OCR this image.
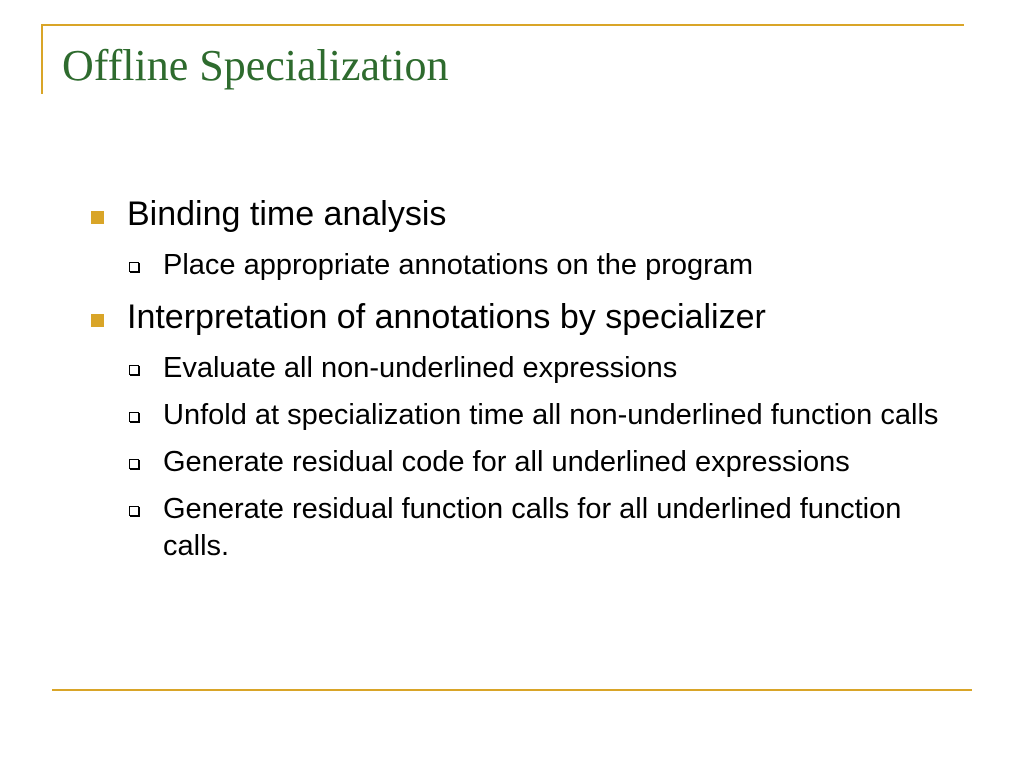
Offline Specialization
Binding time analysis
Place appropriate annotations on the program
Interpretation of annotations by specializer
Evaluate all non-underlined expressions
Unfold at specialization time all non-underlined function calls
Generate residual code for all underlined expressions
Generate residual function calls for all underlined function calls.
